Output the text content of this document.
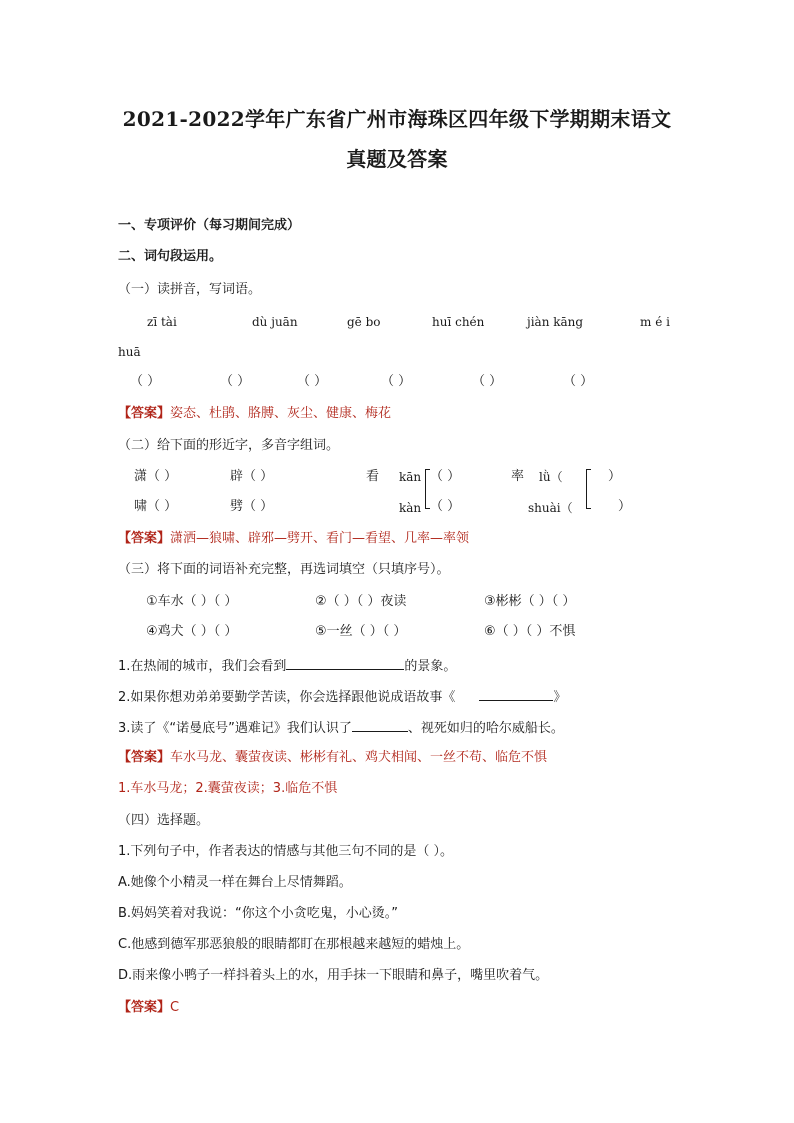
2021-2022学年广东省广州市海珠区四年级下学期期末语文
真题及答案
一、专项评价（每习期间完成）
二、词句段运用。
（一）读拼音，写词语。
zī tài	dù juān	gē bo	huī chén	jiàn kāng	m é i
huā
（ ）	（ ）	（ ）	（ ）	（ ）	（ ）
【答案】姿态、杜鹃、胳膊、灰尘、健康、梅花
（二）给下面的形近字，多音字组词。
潇（ ）	辟（ ）	看 kān （ ）	率 lǜ（	）
啸（ ）	劈（ ）	kàn （ ）	shuài（	）
【答案】潇洒—狼啸、辟邪—劈开、看门—看望、几率—率领
（三）将下面的词语补充完整，再选词填空（只填序号）。
①车水（ ）（ ）	②（ ）（ ）夜读	③彬彬（ ）（ ）
④鸡犬（ ）（ ）	⑤一丝（ ）（ ）	⑥（ ）（ ）不惧
1.在热闹的城市，我们会看到	的景象。
2.如果你想劝弟弟要勤学苦读，你会选择跟他说成语故事《	》
3.读了《“诺曼底号”遇难记》我们认识了	、视死如归的哈尔威船长。
【答案】车水马龙、囊萤夜读、彬彬有礼、鸡犬相闻、一丝不苟、临危不惧
1.车水马龙；2.囊萤夜读；3.临危不惧
（四）选择题。
1.下列句子中，作者表达的情感与其他三句不同的是（ ）。
A.她像个小精灵一样在舞台上尽情舞蹈。
B.妈妈笑着对我说：“你这个小贪吃鬼，小心烫。”
C.他感到德军那恶狼般的眼睛都盯在那根越来越短的蜡烛上。
D.雨来像小鸭子一样抖着头上的水，用手抹一下眼睛和鼻子，嘴里吹着气。
【答案】C
